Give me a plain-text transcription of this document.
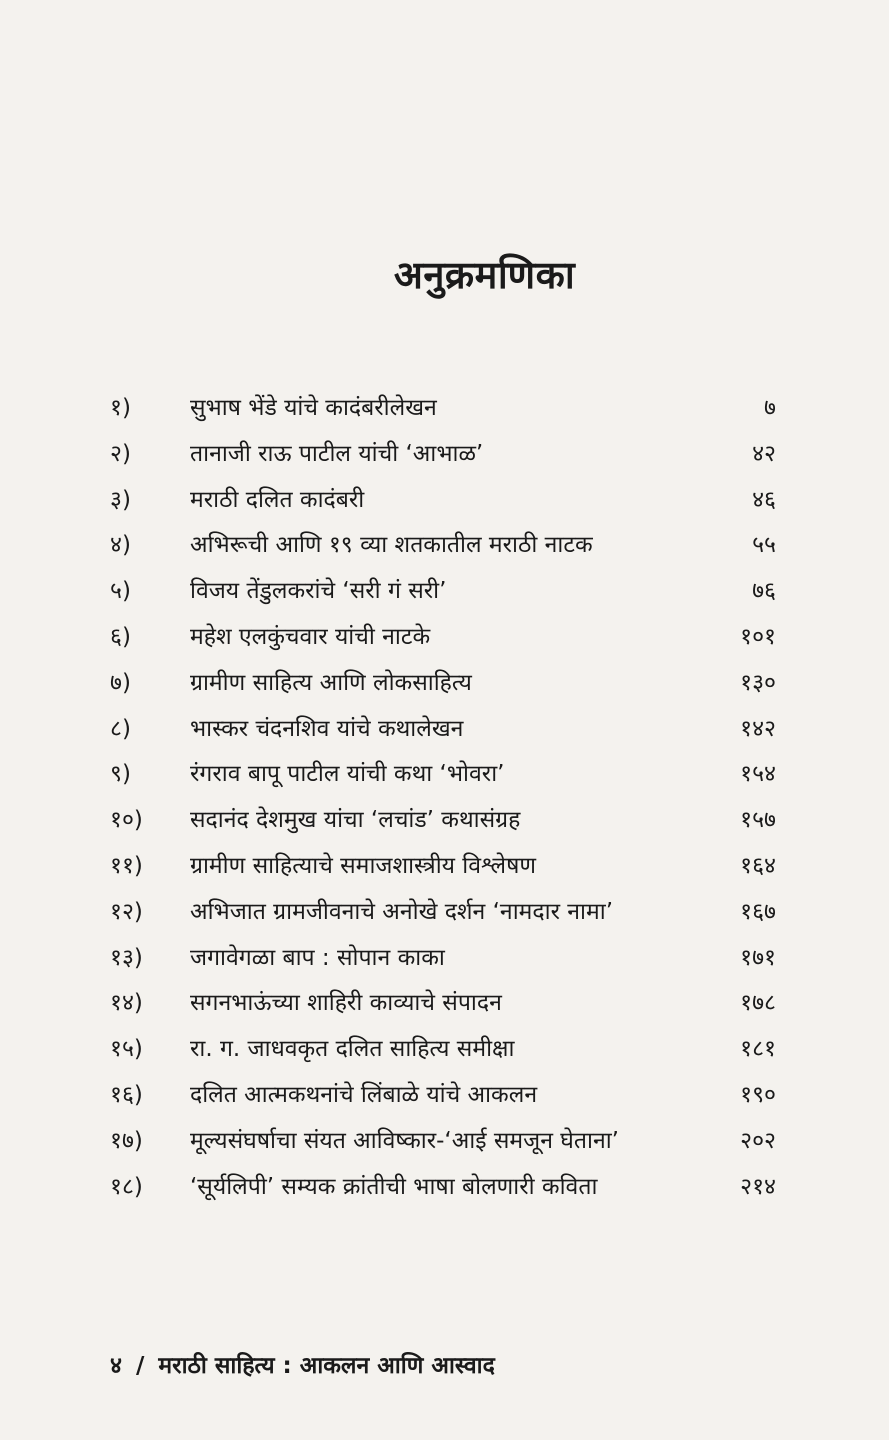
अनुक्रमणिका
१)	सुभाष भेंडे यांचे कादंबरीलेखन	७
२)	तानाजी राऊ पाटील यांची ‘आभाळ’	४२
३)	मराठी दलित कादंबरी	४६
४)	अभिरूची आणि १९ व्या शतकातील मराठी नाटक	५५
५)	विजय तेंडुलकरांचे ‘सरी गं सरी’	७६
६)	महेश एलकुंचवार यांची नाटके	१०१
७)	ग्रामीण साहित्य आणि लोकसाहित्य	१३०
८)	भास्कर चंदनशिव यांचे कथालेखन	१४२
९)	रंगराव बापू पाटील यांची कथा ‘भोवरा’	१५४
१०)	सदानंद देशमुख यांचा ‘लचांड’ कथासंग्रह	१५७
११)	ग्रामीण साहित्याचे समाजशास्त्रीय विश्लेषण	१६४
१२)	अभिजात ग्रामजीवनाचे अनोखे दर्शन ‘नामदार नामा’	१६७
१३)	जगावेगळा बाप : सोपान काका	१७१
१४)	सगनभाऊंच्या शाहिरी काव्याचे संपादन	१७८
१५)	रा. ग. जाधवकृत दलित साहित्य समीक्षा	१८१
१६)	दलित आत्मकथनांचे लिंबाळे यांचे आकलन	१९०
१७)	मूल्यसंघर्षाचा संयत आविष्कार-‘आई समजून घेताना’	२०२
१८)	‘सूर्यलिपी’ सम्यक क्रांतीची भाषा बोलणारी कविता	२१४
४ / मराठी साहित्य : आकलन आणि आस्वाद
